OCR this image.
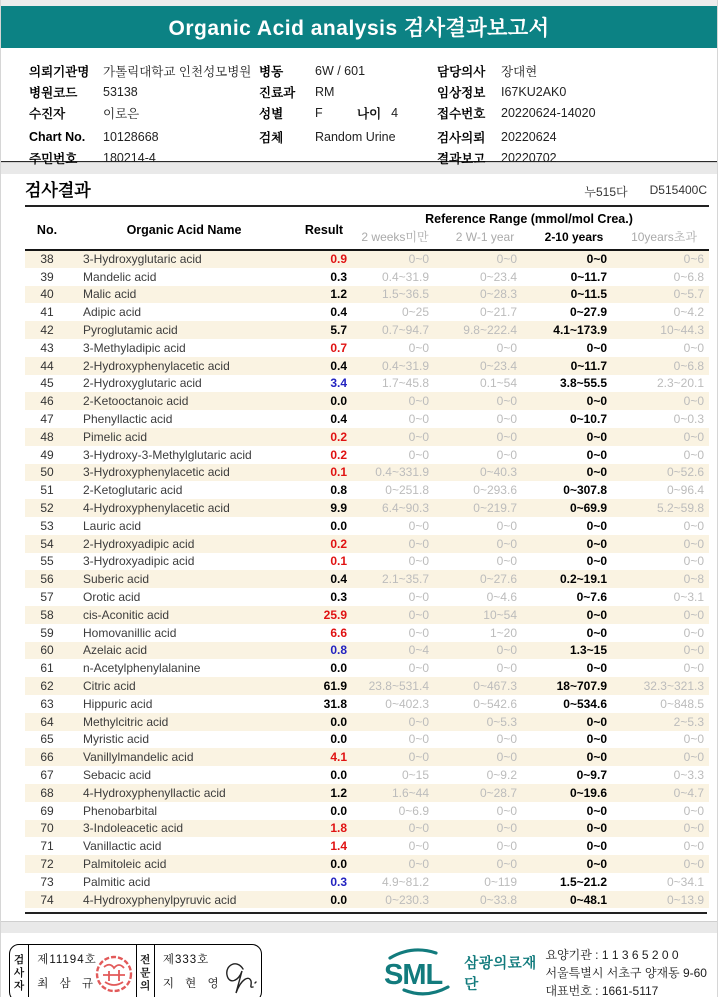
Organic Acid analysis 검사결과보고서
의뢰기관명	가톨릭대학교 인천성모병원
병원코드	53138
수진자	이로은
Chart No.	10128668
주민번호	180214-4
병동	6W / 601
진료과	RM
성별	F	나이 4
검체	Random Urine
담당의사	장대현
임상정보	I67KU2AK0
접수번호	20220624-14020
검사의뢰	20220624
결과보고	20220702
검사결과	누515다 D515400C
No.	Organic Acid Name	Result	Reference Range (mmol/mol Crea.)			
			2 weeks미만	2 W-1 year	2-10 years	10years초과
38	3-Hydroxyglutaric acid	0.9	0~0	0~0	0~0	0~6
39	Mandelic acid	0.3	0.4~31.9	0~23.4	0~11.7	0~6.8
40	Malic acid	1.2	1.5~36.5	0~28.3	0~11.5	0~5.7
41	Adipic acid	0.4	0~25	0~21.7	0~27.9	0~4.2
42	Pyroglutamic acid	5.7	0.7~94.7	9.8~222.4	4.1~173.9	10~44.3
43	3-Methyladipic acid	0.7	0~0	0~0	0~0	0~0
44	2-Hydroxyphenylacetic acid	0.4	0.4~31.9	0~23.4	0~11.7	0~6.8
45	2-Hydroxyglutaric acid	3.4	1.7~45.8	0.1~54	3.8~55.5	2.3~20.1
46	2-Ketooctanoic acid	0.0	0~0	0~0	0~0	0~0
47	Phenyllactic acid	0.4	0~0	0~0	0~10.7	0~0.3
48	Pimelic acid	0.2	0~0	0~0	0~0	0~0
49	3-Hydroxy-3-Methylglutaric acid	0.2	0~0	0~0	0~0	0~0
50	3-Hydroxyphenylacetic acid	0.1	0.4~331.9	0~40.3	0~0	0~52.6
51	2-Ketoglutaric acid	0.8	0~251.8	0~293.6	0~307.8	0~96.4
52	4-Hydroxyphenylacetic acid	9.9	6.4~90.3	0~219.7	0~69.9	5.2~59.8
53	Lauric acid	0.0	0~0	0~0	0~0	0~0
54	2-Hydroxyadipic acid	0.2	0~0	0~0	0~0	0~0
55	3-Hydroxyadipic acid	0.1	0~0	0~0	0~0	0~0
56	Suberic acid	0.4	2.1~35.7	0~27.6	0.2~19.1	0~8
57	Orotic acid	0.3	0~0	0~4.6	0~7.6	0~3.1
58	cis-Aconitic acid	25.9	0~0	10~54	0~0	0~0
59	Homovanillic acid	6.6	0~0	1~20	0~0	0~0
60	Azelaic acid	0.8	0~4	0~0	1.3~15	0~0
61	n-Acetylphenylalanine	0.0	0~0	0~0	0~0	0~0
62	Citric acid	61.9	23.8~531.4	0~467.3	18~707.9	32.3~321.3
63	Hippuric acid	31.8	0~402.3	0~542.6	0~534.6	0~848.5
64	Methylcitric acid	0.0	0~0	0~5.3	0~0	2~5.3
65	Myristic acid	0.0	0~0	0~0	0~0	0~0
66	Vanillylmandelic acid	4.1	0~0	0~0	0~0	0~0
67	Sebacic acid	0.0	0~15	0~9.2	0~9.7	0~3.3
68	4-Hydroxyphenyllactic acid	1.2	1.6~44	0~28.7	0~19.6	0~4.7
69	Phenobarbital	0.0	0~6.9	0~0	0~0	0~0
70	3-Indoleacetic acid	1.8	0~0	0~0	0~0	0~0
71	Vanillactic acid	1.4	0~0	0~0	0~0	0~0
72	Palmitoleic acid	0.0	0~0	0~0	0~0	0~0
73	Palmitic acid	0.3	4.9~81.2	0~119	1.5~21.2	0~34.1
74	4-Hydroxyphenylpyruvic acid	0.0	0~230.3	0~33.8	0~48.1	0~13.9
검사자
제11194호
최 삼 규
전문의
제333호
지 현 영	SML 삼광의료재단
요양기관 : 1 1 3 6 5 2 0 0
서울특별시 서초구 양재동 9-60
대표번호 : 1661-5117
